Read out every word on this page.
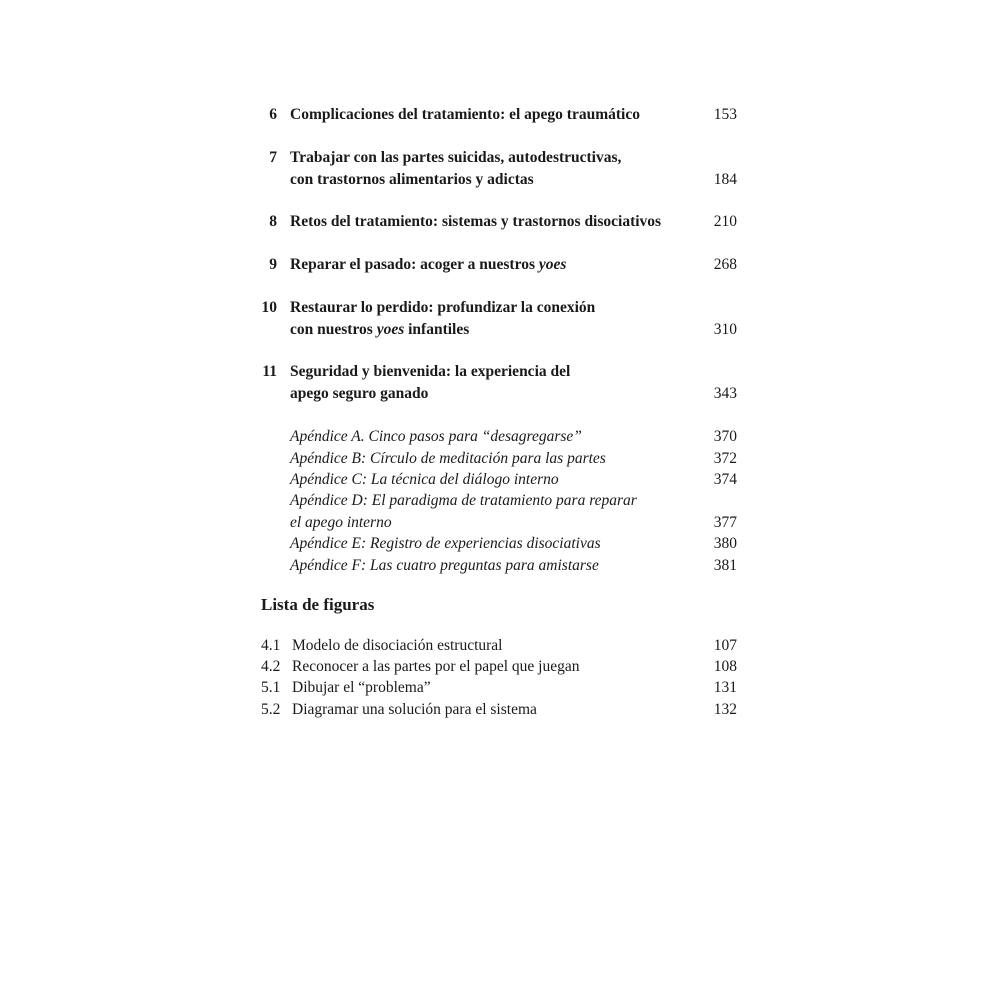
6 Complicaciones del tratamiento: el apego traumático	153
7 Trabajar con las partes suicidas, autodestructivas,
con trastornos alimentarios y adictas	184
8 Retos del tratamiento: sistemas y trastornos disociativos	210
9 Reparar el pasado: acoger a nuestros yoes	268
10 Restaurar lo perdido: profundizar la conexión
con nuestros yoes infantiles	310
11 Seguridad y bienvenida: la experiencia del
apego seguro ganado	343
Apéndice A. Cinco pasos para “desagregarse”	370
Apéndice B: Círculo de meditación para las partes	372
Apéndice C: La técnica del diálogo interno	374
Apéndice D: El paradigma de tratamiento para reparar
el apego interno	377
Apéndice E: Registro de experiencias disociativas	380
Apéndice F: Las cuatro preguntas para amistarse	381
Lista de figuras
4.1 Modelo de disociación estructural	107
4.2 Reconocer a las partes por el papel que juegan	108
5.1 Dibujar el “problema”	131
5.2 Diagramar una solución para el sistema	132
